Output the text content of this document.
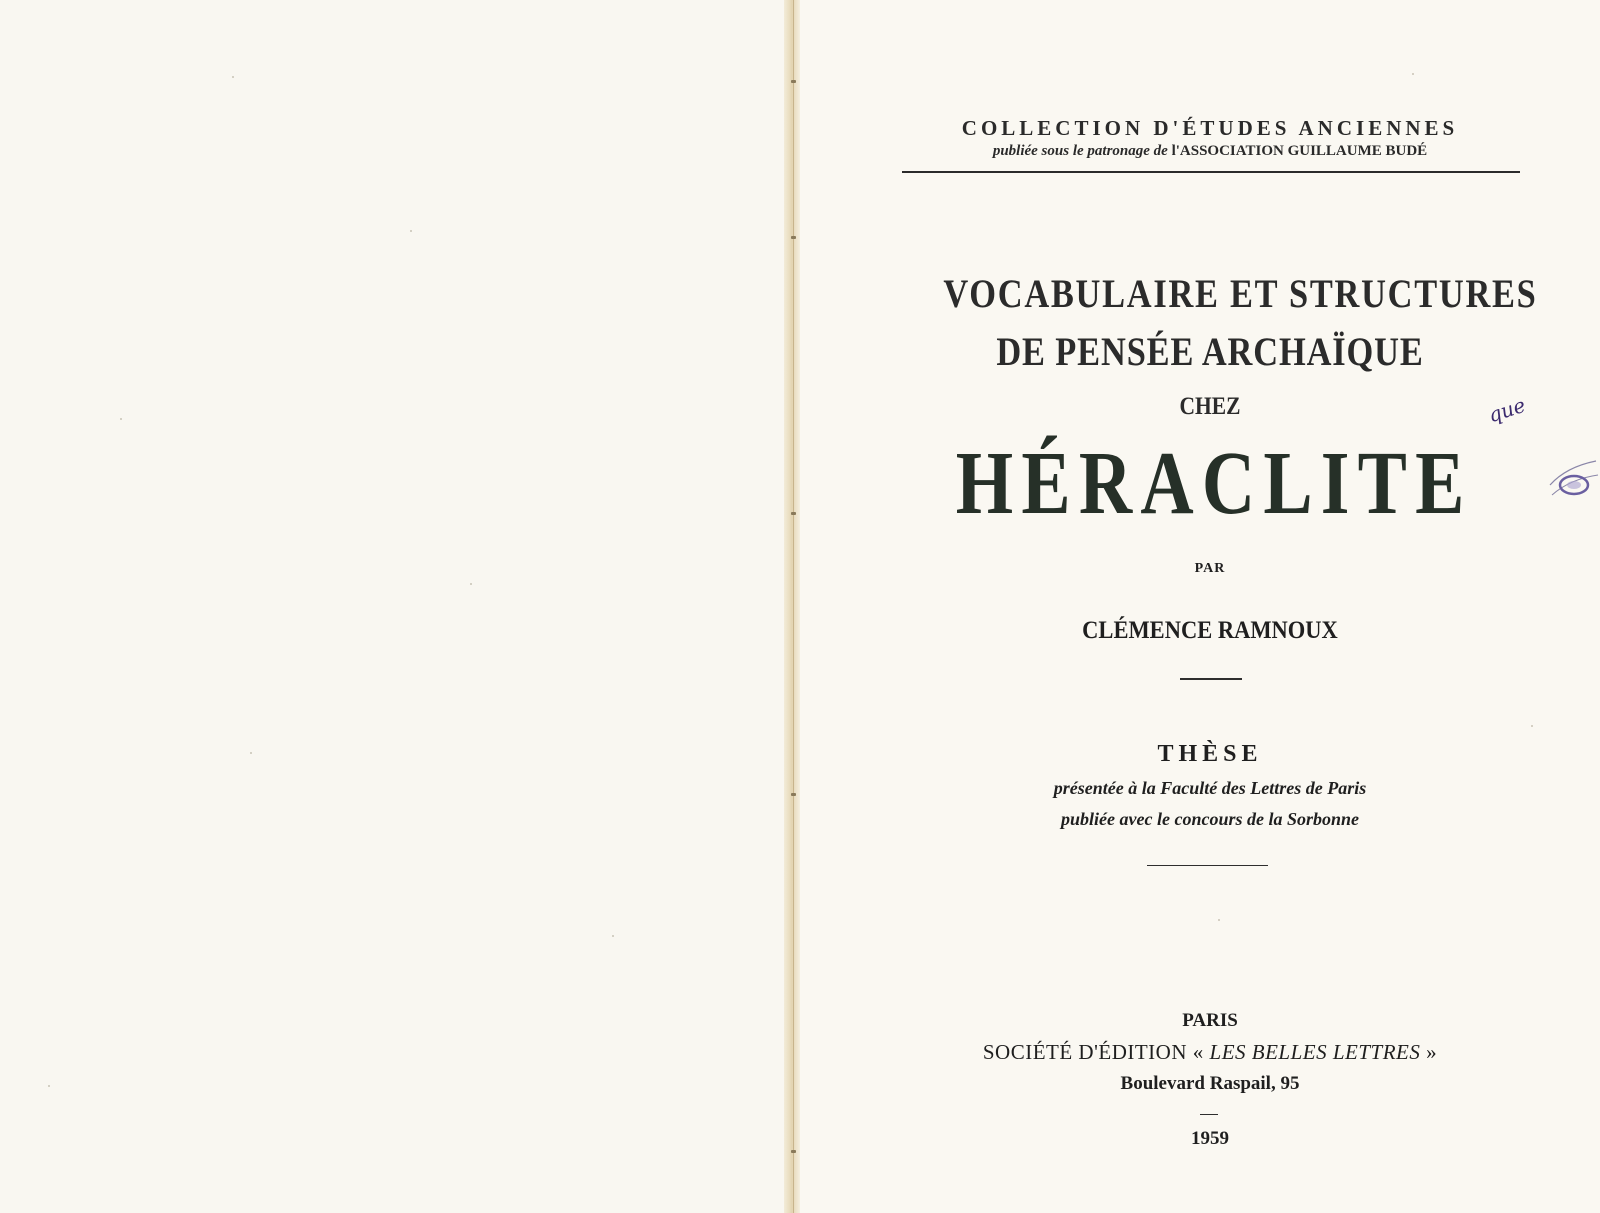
COLLECTION D'ÉTUDES ANCIENNES
publiée sous le patronage de l'ASSOCIATION GUILLAUME BUDÉ
VOCABULAIRE ET STRUCTURES
DE PENSÉE ARCHAÏQUE
CHEZ
HÉRACLITE
PAR
CLÉMENCE RAMNOUX
THÈSE
présentée à la Faculté des Lettres de Paris
publiée avec le concours de la Sorbonne
PARIS
SOCIÉTÉ D'ÉDITION « LES BELLES LETTRES »
Boulevard Raspail, 95
1959
que
